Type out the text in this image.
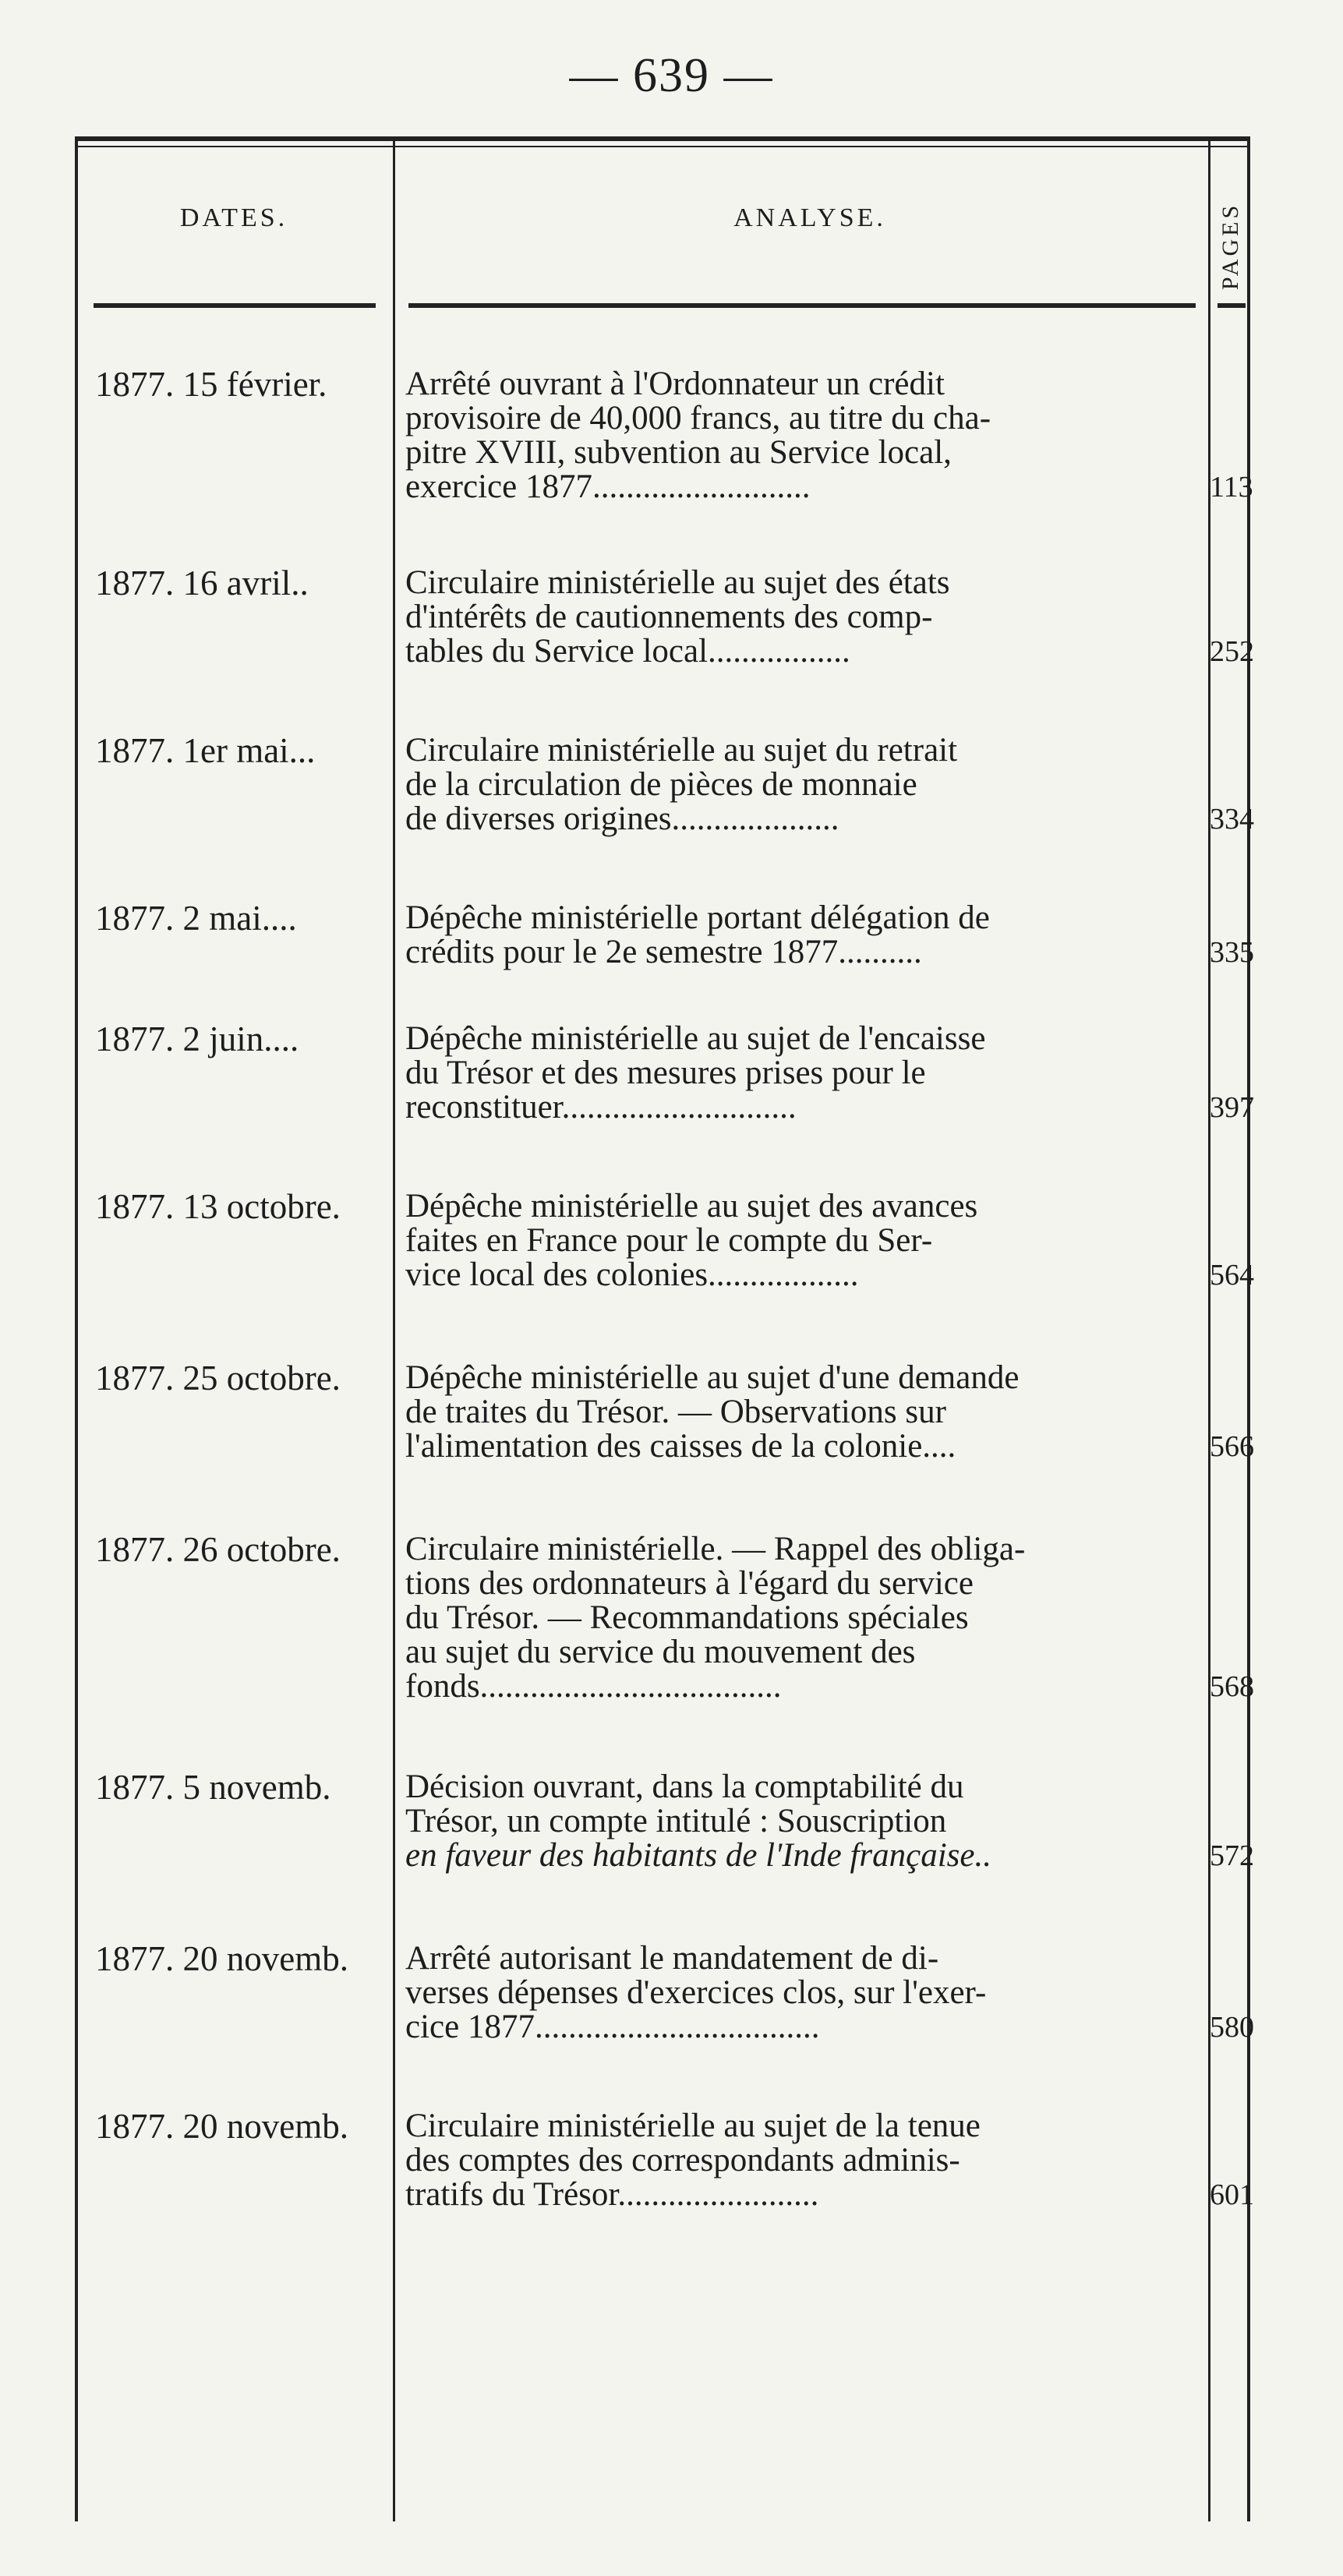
— 639 —
DATES.	ANALYSE.	PAGES
1877. 15 février.	Arrêté ouvrant à l'Ordonnateur un crédit
provisoire de 40,000 francs, au titre du cha-
pitre XVIII, subvention au Service local,
exercice 1877..........................	113
1877. 16 avril..	Circulaire ministérielle au sujet des états
d'intérêts de cautionnements des comp-
tables du Service local.................	252
1877. 1er mai...	Circulaire ministérielle au sujet du retrait
de la circulation de pièces de monnaie
de diverses origines....................	334
1877. 2 mai....	Dépêche ministérielle portant délégation de
crédits pour le 2e semestre 1877..........	335
1877. 2 juin....	Dépêche ministérielle au sujet de l'encaisse
du Trésor et des mesures prises pour le
reconstituer............................	397
1877. 13 octobre.	Dépêche ministérielle au sujet des avances
faites en France pour le compte du Ser-
vice local des colonies..................	564
1877. 25 octobre.	Dépêche ministérielle au sujet d'une demande
de traites du Trésor. — Observations sur
l'alimentation des caisses de la colonie....	566
1877. 26 octobre.	Circulaire ministérielle. — Rappel des obliga-
tions des ordonnateurs à l'égard du service
du Trésor. — Recommandations spéciales
au sujet du service du mouvement des
fonds....................................	568
1877. 5 novemb.	Décision ouvrant, dans la comptabilité du
Trésor, un compte intitulé : Souscription
en faveur des habitants de l'Inde française..	572
1877. 20 novemb.	Arrêté autorisant le mandatement de di-
verses dépenses d'exercices clos, sur l'exer-
cice 1877..................................	580
1877. 20 novemb.	Circulaire ministérielle au sujet de la tenue
des comptes des correspondants adminis-
tratifs du Trésor........................	601
